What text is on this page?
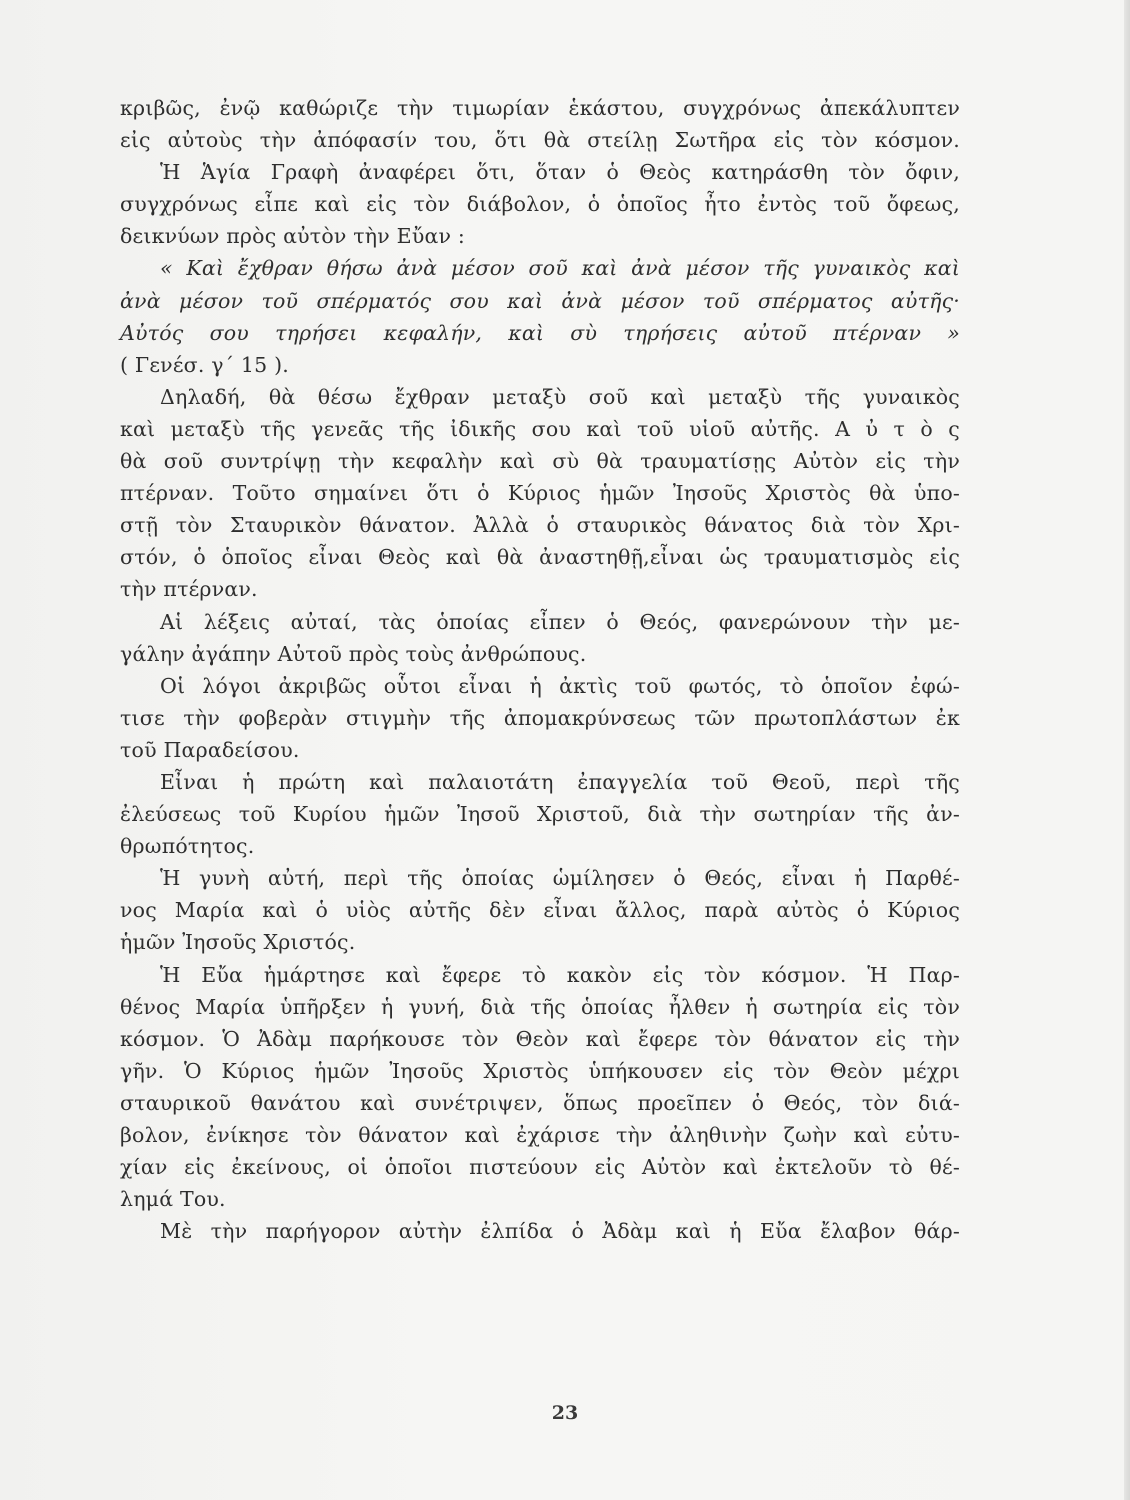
κριβῶς, ἐνῷ καθώριζε τὴν τιμωρίαν ἑκάστου, συγχρόνως ἀπεκάλυπτεν
εἰς αὐτοὺς τὴν ἀπόφασίν του, ὅτι θὰ στείλῃ Σωτῆρα εἰς τὸν κόσμον.
Ἡ Ἁγία Γραφὴ ἀναφέρει ὅτι, ὅταν ὁ Θεὸς κατηράσθη τὸν ὄφιν,
συγχρόνως εἶπε καὶ εἰς τὸν διάβολον, ὁ ὁποῖος ἦτο ἐντὸς τοῦ ὄφεως,
δεικνύων πρὸς αὐτὸν τὴν Εὔαν :
« Καὶ ἔχθραν θήσω ἀνὰ μέσον σοῦ καὶ ἀνὰ μέσον τῆς γυναικὸς καὶ
ἀνὰ μέσον τοῦ σπέρματός σου καὶ ἀνὰ μέσον τοῦ σπέρματος αὐτῆς·
Αὐτός σου τηρήσει κεφαλήν, καὶ σὺ τηρήσεις αὐτοῦ πτέρναν »
( Γενέσ. γ΄ 15 ).
Δηλαδή, θὰ θέσω ἔχθραν μεταξὺ σοῦ καὶ μεταξὺ τῆς γυναικὸς
καὶ μεταξὺ τῆς γενεᾶς τῆς ἰδικῆς σου καὶ τοῦ υἱοῦ αὐτῆς. Α ὐ τ ὸ ς
θὰ σοῦ συντρίψῃ τὴν κεφαλὴν καὶ σὺ θὰ τραυματίσῃς Αὐτὸν εἰς τὴν
πτέρναν. Τοῦτο σημαίνει ὅτι ὁ Κύριος ἡμῶν Ἰησοῦς Χριστὸς θὰ ὑπο-
στῇ τὸν Σταυρικὸν θάνατον. Ἀλλὰ ὁ σταυρικὸς θάνατος διὰ τὸν Χρι-
στόν, ὁ ὁποῖος εἶναι Θεὸς καὶ θὰ ἀναστηθῇ,εἶναι ὡς τραυματισμὸς εἰς
τὴν πτέρναν.
Αἱ λέξεις αὐταί, τὰς ὁποίας εἶπεν ὁ Θεός, φανερώνουν τὴν με-
γάλην ἀγάπην Αὐτοῦ πρὸς τοὺς ἀνθρώπους.
Οἱ λόγοι ἀκριβῶς οὗτοι εἶναι ἡ ἀκτὶς τοῦ φωτός, τὸ ὁποῖον ἐφώ-
τισε τὴν φοβερὰν στιγμὴν τῆς ἀπομακρύνσεως τῶν πρωτοπλάστων ἐκ
τοῦ Παραδείσου.
Εἶναι ἡ πρώτη καὶ παλαιοτάτη ἐπαγγελία τοῦ Θεοῦ, περὶ τῆς
ἐλεύσεως τοῦ Κυρίου ἡμῶν Ἰησοῦ Χριστοῦ, διὰ τὴν σωτηρίαν τῆς ἀν-
θρωπότητος.
Ἡ γυνὴ αὐτή, περὶ τῆς ὁποίας ὡμίλησεν ὁ Θεός, εἶναι ἡ Παρθέ-
νος Μαρία καὶ ὁ υἱὸς αὐτῆς δὲν εἶναι ἄλλος, παρὰ αὐτὸς ὁ Κύριος
ἡμῶν Ἰησοῦς Χριστός.
Ἡ Εὔα ἡμάρτησε καὶ ἔφερε τὸ κακὸν εἰς τὸν κόσμον. Ἡ Παρ-
θένος Μαρία ὑπῆρξεν ἡ γυνή, διὰ τῆς ὁποίας ἦλθεν ἡ σωτηρία εἰς τὸν
κόσμον. Ὁ Ἀδὰμ παρήκουσε τὸν Θεὸν καὶ ἔφερε τὸν θάνατον εἰς τὴν
γῆν. Ὁ Κύριος ἡμῶν Ἰησοῦς Χριστὸς ὑπήκουσεν εἰς τὸν Θεὸν μέχρι
σταυρικοῦ θανάτου καὶ συνέτριψεν, ὅπως προεῖπεν ὁ Θεός, τὸν διά-
βολον, ἐνίκησε τὸν θάνατον καὶ ἐχάρισε τὴν ἀληθινὴν ζωὴν καὶ εὐτυ-
χίαν εἰς ἐκείνους, οἱ ὁποῖοι πιστεύουν εἰς Αὐτὸν καὶ ἐκτελοῦν τὸ θέ-
λημά Του.
Μὲ τὴν παρήγορον αὐτὴν ἐλπίδα ὁ Ἀδὰμ καὶ ἡ Εὔα ἔλαβον θάρ-
23
